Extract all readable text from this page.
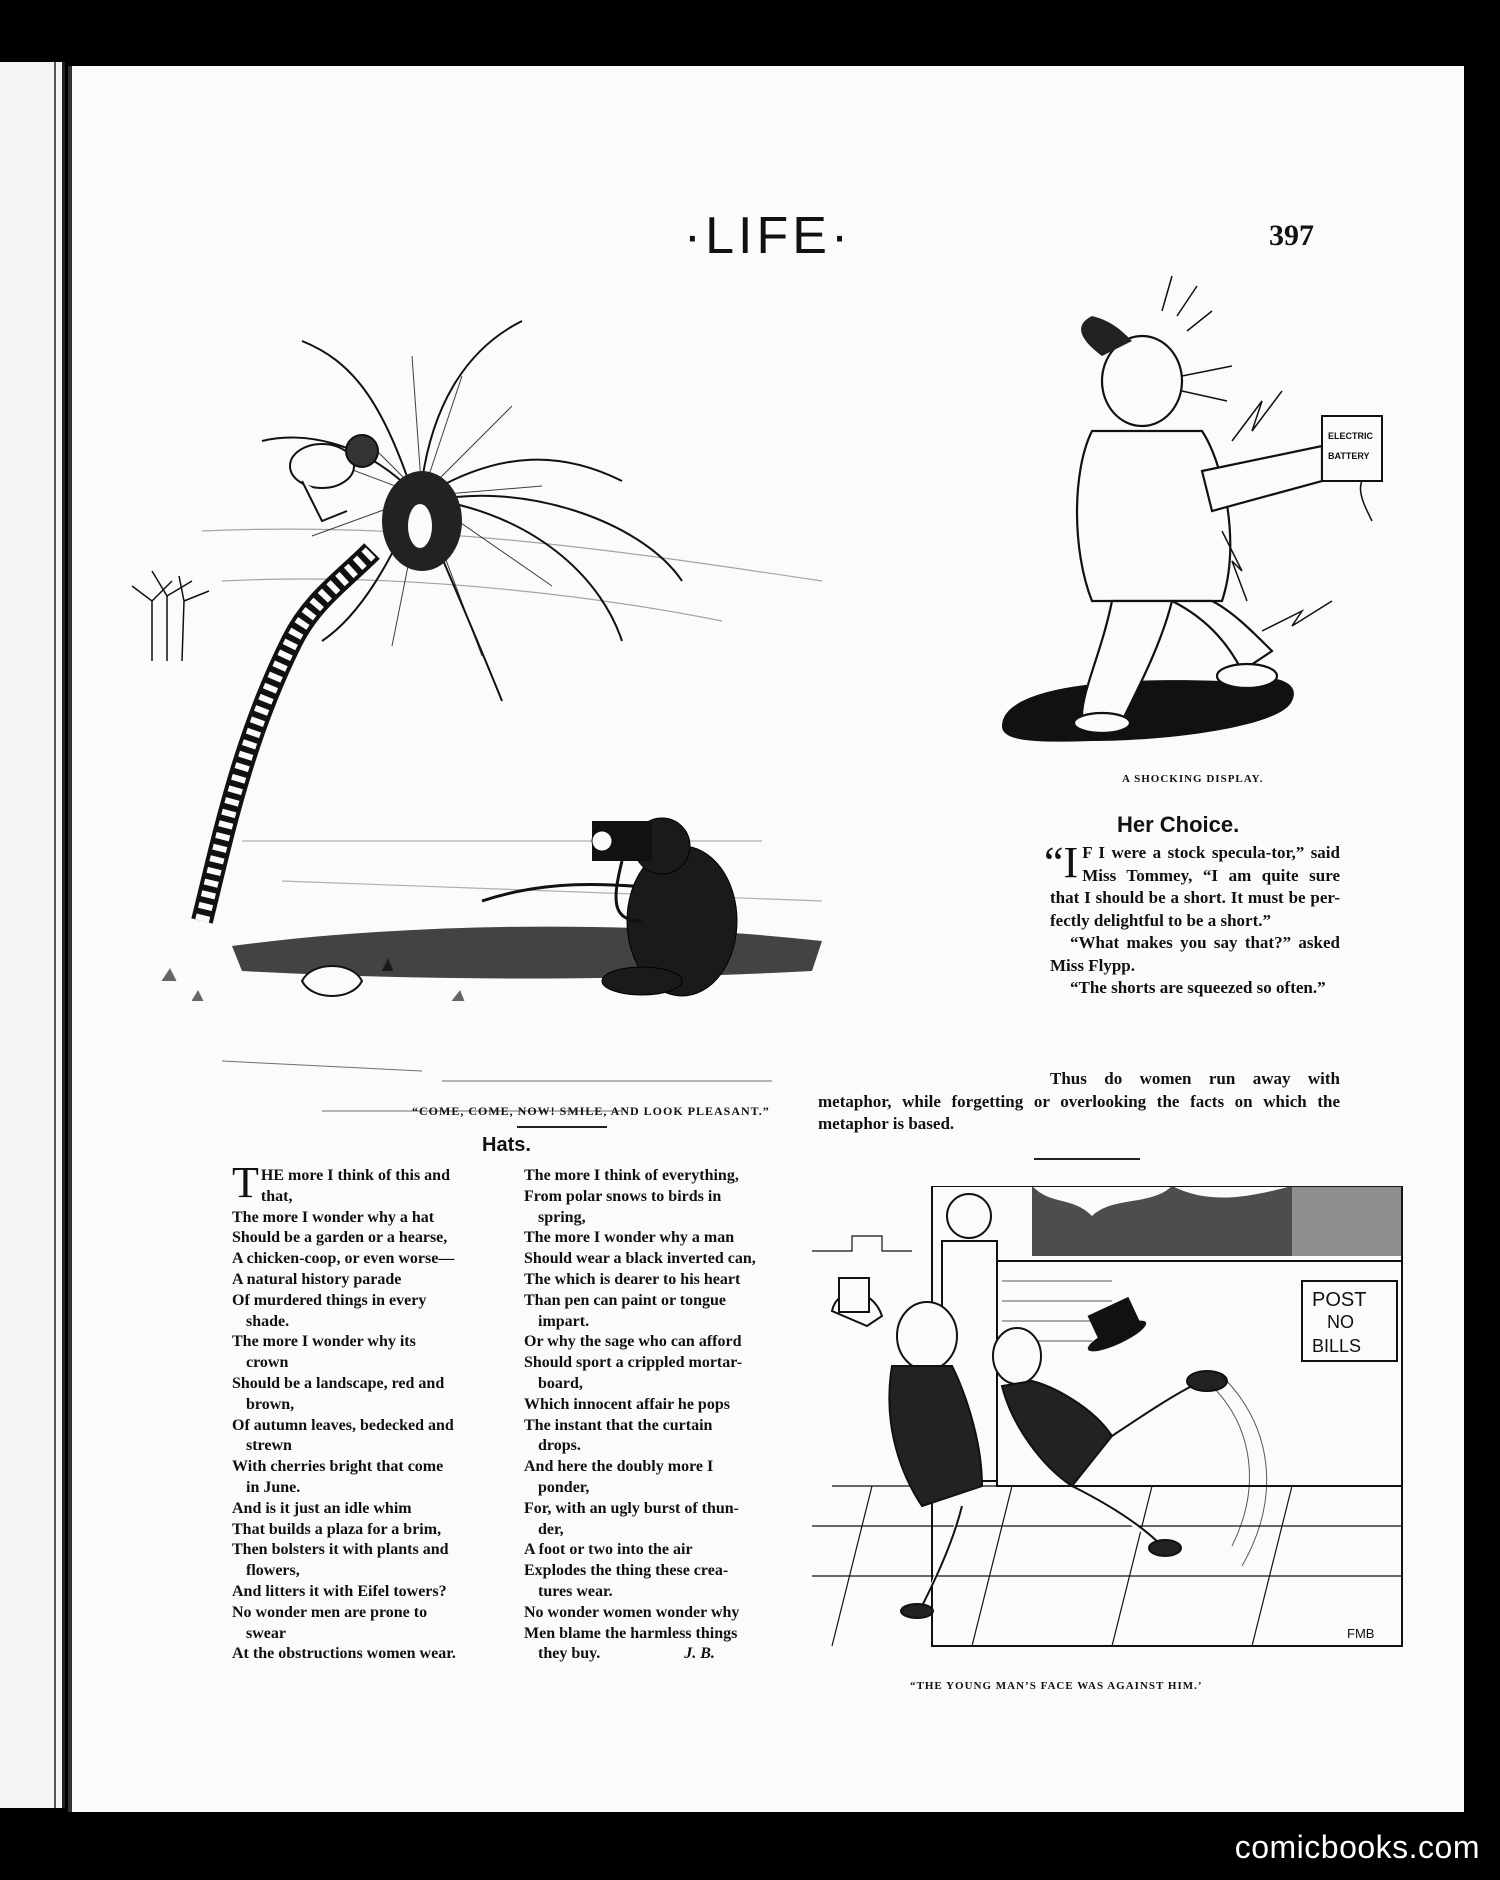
·LIFE·	397
“COME, COME, NOW! SMILE, AND LOOK PLEASANT.”
ELECTRIC
BATTERY
A SHOCKING DISPLAY.
Her Choice.

“I F I were a stock specula-tor,” said Miss Tommey, “I am quite sure that I should be a short. It must be per-fectly delightful to be a short.”

“What makes you say that?” asked Miss Flypp.

“The shorts are squeezed so often.”

Thus do women run away with metaphor, while forgetting or overlooking the facts on which the metaphor is based.

Hats.
T HE more I think of this and
that,
The more I wonder why a hat
Should be a garden or a hearse,
A chicken-coop, or even worse—
A natural history parade
Of murdered things in every
shade.
The more I wonder why its
crown
Should be a landscape, red and
brown,
Of autumn leaves, bedecked and
strewn
With cherries bright that come
in June.
And is it just an idle whim
That builds a plaza for a brim,
Then bolsters it with plants and
flowers,
And litters it with Eifel towers?
No wonder men are prone to
swear
At the obstructions women wear.
The more I think of everything,
From polar snows to birds in
spring,
The more I wonder why a man
Should wear a black inverted can,
The which is dearer to his heart
Than pen can paint or tongue
impart.
Or why the sage who can afford
Should sport a crippled mortar-
board,
Which innocent affair he pops
The instant that the curtain
drops.
And here the doubly more I
ponder,
For, with an ugly burst of thun-
der,
A foot or two into the air
Explodes the thing these crea-
tures wear.
No wonder women wonder why
Men blame the harmless things
they buy.	J. B.
POST
NO
BILLS
FMB
“THE YOUNG MAN’S FACE WAS AGAINST HIM.’
comicbooks.com
